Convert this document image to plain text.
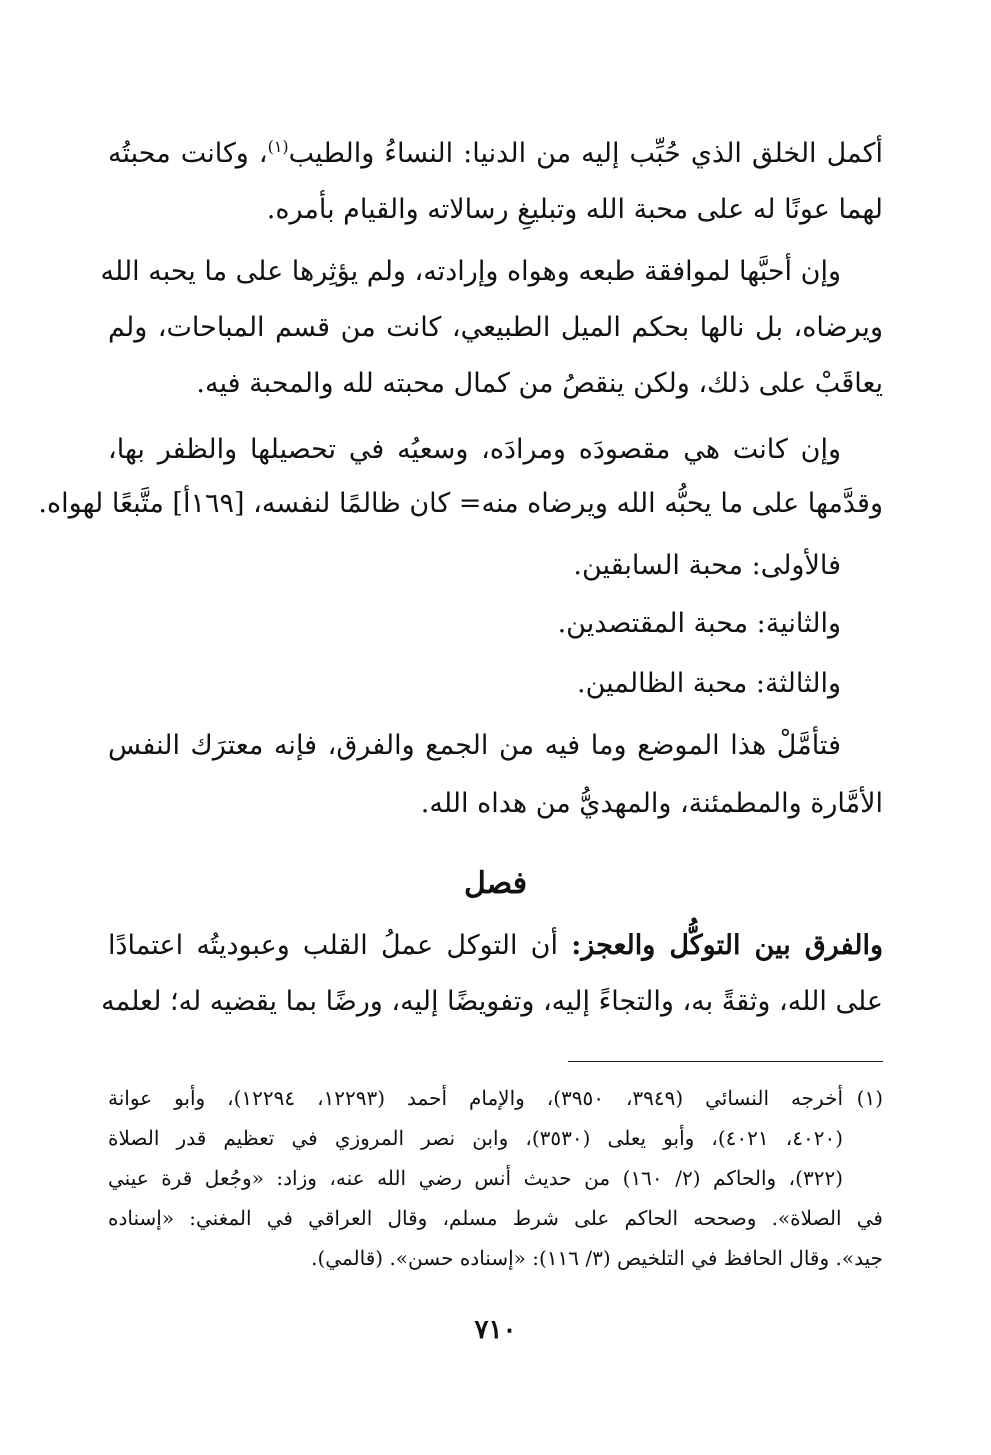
أكمل الخلق الذي حُبِّب إليه من الدنيا: النساءُ والطيب$^{(١)}$، وكانت محبتُه
لهما عونًا له على محبة الله وتبليغِ رسالاته والقيام بأمره.
وإن أحبَّها لموافقة طبعه وهواه وإرادته، ولم يؤثِرها على ما يحبه الله
ويرضاه، بل نالها بحكم الميل الطبيعي، كانت من قسم المباحات، ولم
يعاقَبْ على ذلك، ولكن ينقصُ من كمال محبته لله والمحبة فيه.
وإن كانت هي مقصودَه ومرادَه، وسعيُه في تحصيلها والظفر بها،
وقدَّمها على ما يحبُّه الله ويرضاه منه= كان ظالمًا لنفسه، [١٦٩أ] متَّبعًا لهواه.
فالأولى: محبة السابقين.
والثانية: محبة المقتصدين.
والثالثة: محبة الظالمين.
فتأمَّلْ هذا الموضع وما فيه من الجمع والفرق، فإنه معترَك النفس
الأمَّارة والمطمئنة، والمهديُّ من هداه الله.
فصل
والفرق بين التوكُّل والعجز: أن التوكل عملُ القلب وعبوديتُه اعتمادًا
على الله، وثقةً به، والتجاءً إليه، وتفويضًا إليه، ورضًا بما يقضيه له؛ لعلمه
(١)
أخرجه النسائي (٣٩٤٩، ٣٩٥٠)، والإمام أحمد (١٢٢٩٣، ١٢٢٩٤)، وأبو عوانة
(٤٠٢٠، ٤٠٢١)، وأبو يعلى (٣٥٣٠)، وابن نصر المروزي في تعظيم قدر الصلاة
(٣٢٢)، والحاكم (٢/ ١٦٠) من حديث أنس رضي الله عنه، وزاد: «وجُعل قرة عيني
في الصلاة». وصححه الحاكم على شرط مسلم، وقال العراقي في المغني: «إسناده
جيد». وقال الحافظ في التلخيص (٣/ ١١٦): «إسناده حسن». (قالمي).
٧١٠
